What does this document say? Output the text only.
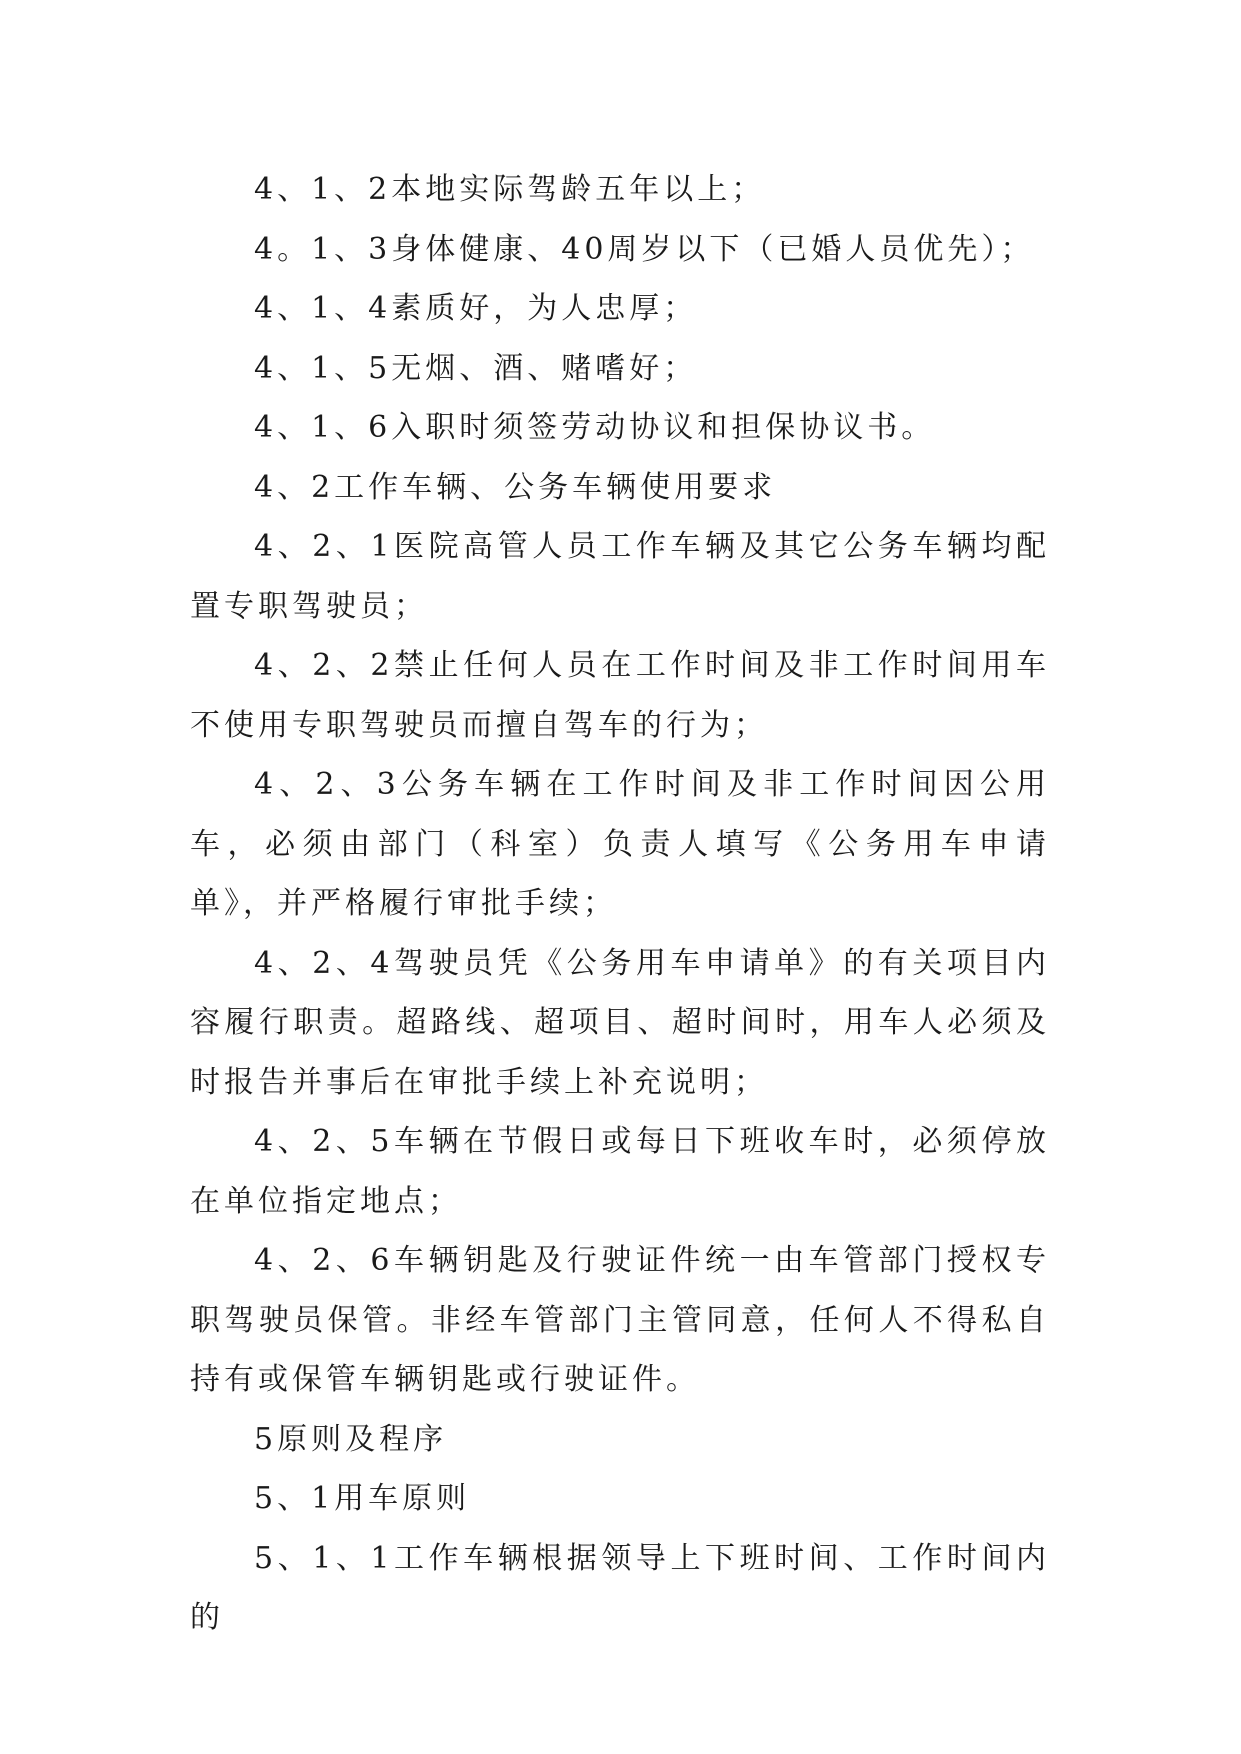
4、1、2本地实际驾龄五年以上；

4。1、3身体健康、40周岁以下（已婚人员优先）；

4、1、4素质好，为人忠厚；

4、1、5无烟、酒、赌嗜好；

4、1、6入职时须签劳动协议和担保协议书。

4、2工作车辆、公务车辆使用要求

4、2、1医院高管人员工作车辆及其它公务车辆均配置专职驾驶员；

4、2、2禁止任何人员在工作时间及非工作时间用车不使用专职驾驶员而擅自驾车的行为；

4、2、3公务车辆在工作时间及非工作时间因公用车，必须由部门（科室）负责人填写《公务用车申请单》，并严格履行审批手续；

4、2、4驾驶员凭《公务用车申请单》的有关项目内容履行职责。超路线、超项目、超时间时，用车人必须及时报告并事后在审批手续上补充说明；

4、2、5车辆在节假日或每日下班收车时，必须停放在单位指定地点；

4、2、6车辆钥匙及行驶证件统一由车管部门授权专职驾驶员保管。非经车管部门主管同意，任何人不得私自持有或保管车辆钥匙或行驶证件。

5原则及程序

5、1用车原则

5、1、1工作车辆根据领导上下班时间、工作时间内的
